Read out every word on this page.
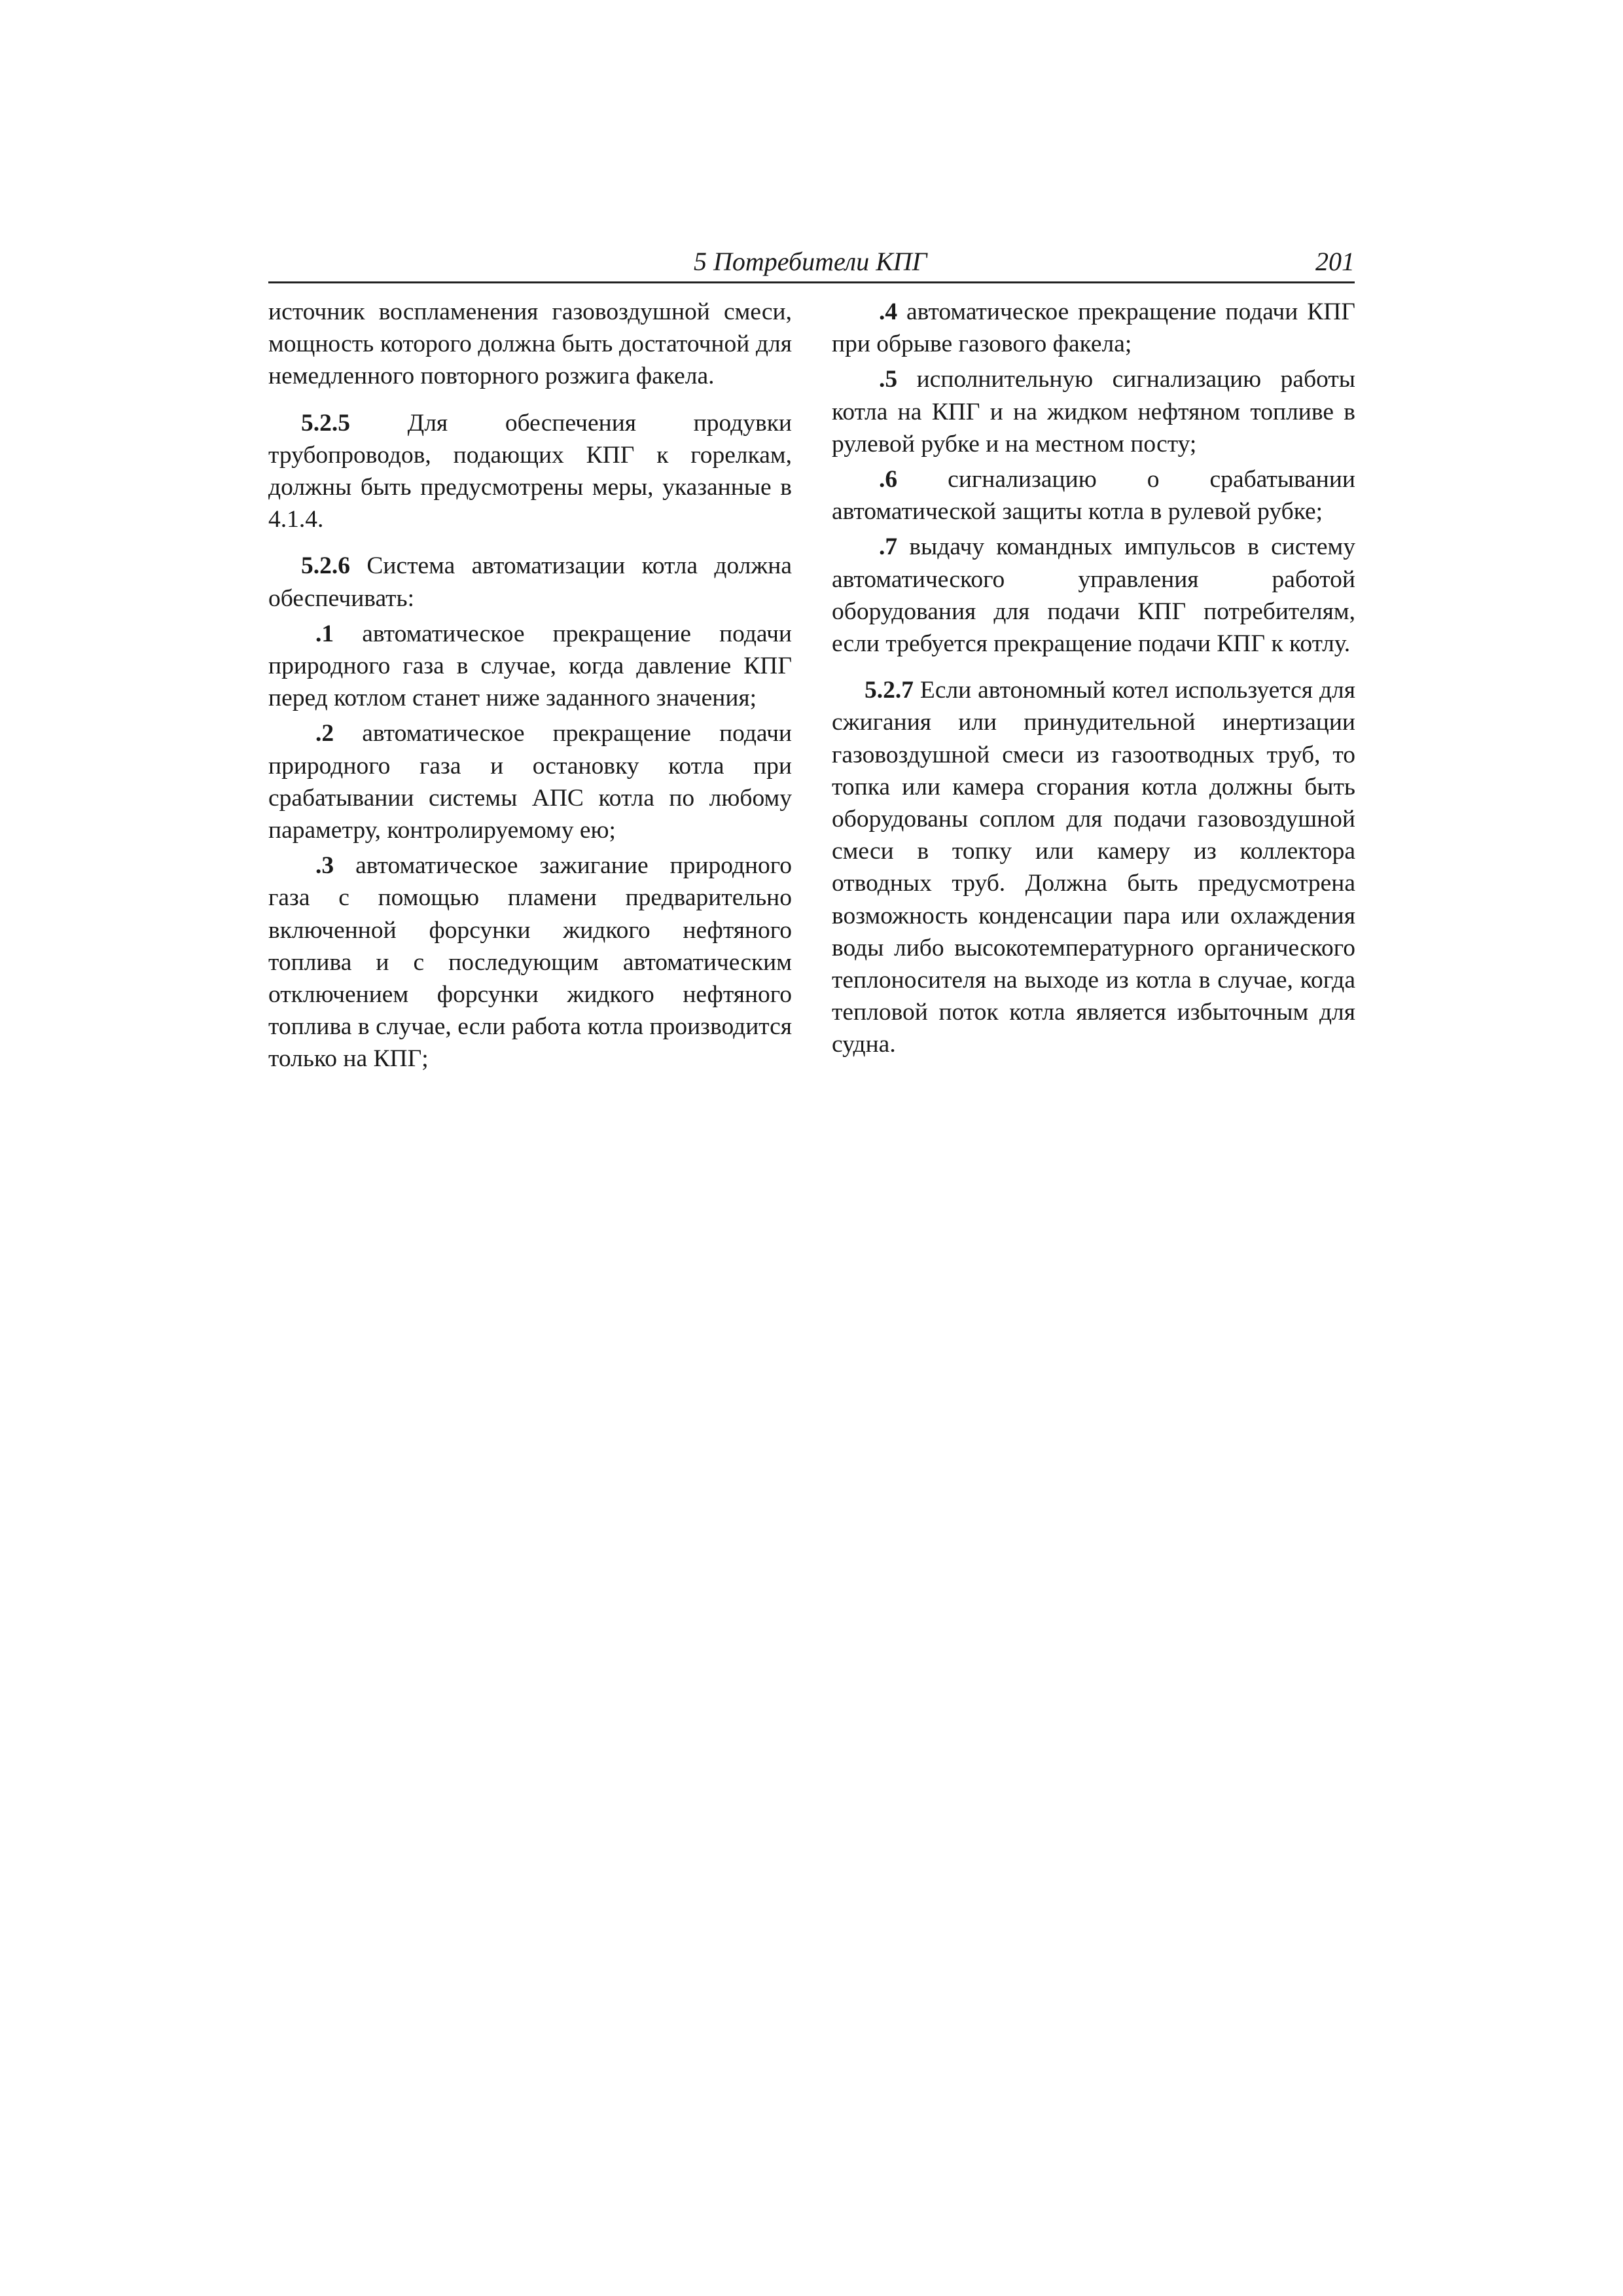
5 Потребители КПГ	201

источник воспламенения газовоздушной смеси, мощность которого должна быть достаточной для немедленного повторного розжига факела.

5.2.5 Для обеспечения продувки трубопроводов, подающих КПГ к горелкам, должны быть предусмотрены меры, указанные в 4.1.4.

5.2.6 Система автоматизации котла должна обеспечивать:

.1 автоматическое прекращение подачи природного газа в случае, когда давление КПГ перед котлом станет ниже заданного значения;

.2 автоматическое прекращение подачи природного газа и остановку котла при срабатывании системы АПС котла по любому параметру, контролируемому ею;

.3 автоматическое зажигание природного газа с помощью пламени предварительно включенной форсунки жидкого нефтяного топлива и с последующим автоматическим отключением форсунки жидкого нефтяного топлива в случае, если работа котла производится только на КПГ;

.4 автоматическое прекращение подачи КПГ при обрыве газового факела;

.5 исполнительную сигнализацию работы котла на КПГ и на жидком нефтяном топливе в рулевой рубке и на местном посту;

.6 сигнализацию о срабатывании автоматической защиты котла в рулевой рубке;

.7 выдачу командных импульсов в систему автоматического управления работой оборудования для подачи КПГ потребителям, если требуется прекращение подачи КПГ к котлу.

5.2.7 Если автономный котел используется для сжигания или принудительной инертизации газовоздушной смеси из газоотводных труб, то топка или камера сгорания котла должны быть оборудованы соплом для подачи газовоздушной смеси в топку или камеру из коллектора отводных труб. Должна быть предусмотрена возможность конденсации пара или охлаждения воды либо высокотемпературного органического теплоносителя на выходе из котла в случае, когда тепловой поток котла является избыточным для судна.
